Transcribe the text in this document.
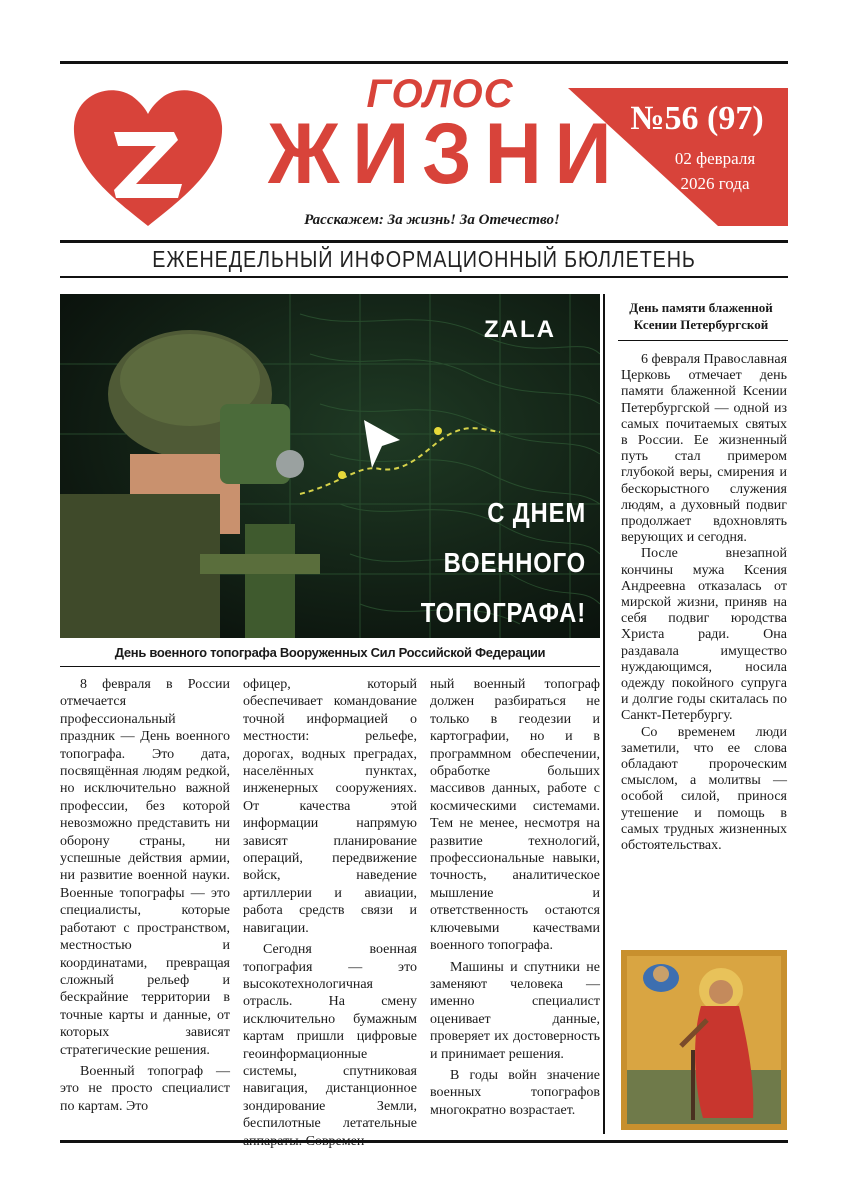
Z
ГОЛОС
ЖИЗНИ
Расскажем: За жизнь! За Отечество!
№56 (97)
02 февраля
2026 года
ЕЖЕНЕДЕЛЬНЫЙ ИНФОРМАЦИОННЫЙ БЮЛЛЕТЕНЬ
ZALA
С ДНЕМ
ВОЕННОГО
ТОПОГРАФА!
День военного топографа Вооруженных Сил Российской Федерации

8 февраля в России отмечается профессиональный праздник — День военного топографа. Это дата, посвящённая людям редкой, но исключительно важной профессии, без которой невозможно представить ни оборону страны, ни успешные действия армии, ни развитие военной науки. Военные топографы — это специалисты, которые работают с пространством, местностью и координатами, превращая сложный рельеф и бескрайние территории в точные карты и данные, от которых зависят стратегические решения.

Военный топограф — это не просто специалист по картам. Это

офицер, который обеспечивает командование точной информацией о местности: рельефе, дорогах, водных преградах, населённых пунктах, инженерных сооружениях. От качества этой информации напрямую зависят планирование операций, передвижение войск, наведение артиллерии и авиации, работа средств связи и навигации.

Сегодня военная топография — это высокотехнологичная отрасль. На смену исключительно бумажным картам пришли цифровые геоинформационные системы, спутниковая навигация, дистанционное зондирование Земли, беспилотные летательные

ный военный топограф должен разбираться не только в геодезии и картографии, но и в программном обеспечении, обработке больших массивов данных, работе с космическими системами. Тем не менее, несмотря на развитие технологий, профессиональные навыки, точность, аналитическое мышление и ответственность остаются ключевыми качествами военного топографа.

Машины и спутники не заменяют человека — именно специалист оценивает данные, проверяет их достоверность и принимает решения.

В годы войн значение военных топографов многократно возрастает.

День памяти блаженной Ксении Петербургской

6 февраля Православная Церковь отмечает день памяти блаженной Ксении Петербургской — одной из самых почитаемых святых в России. Ее жизненный путь стал примером глубокой веры, смирения и бескорыстного служения людям, а духовный подвиг продолжает вдохновлять верующих и сегодня.

После внезапной кончины мужа Ксения Андреевна отказалась от мирской жизни, приняв на себя подвиг юродства Христа ради. Она раздавала имущество нуждающимся, носила одежду покойного супруга и долгие годы скиталась по Санкт-Петербургу.

Со временем люди заметили, что ее слова обладают пророческим смыслом, а молитвы — особой силой, принося утешение и помощь в самых трудных жизненных обстоятельствах.
